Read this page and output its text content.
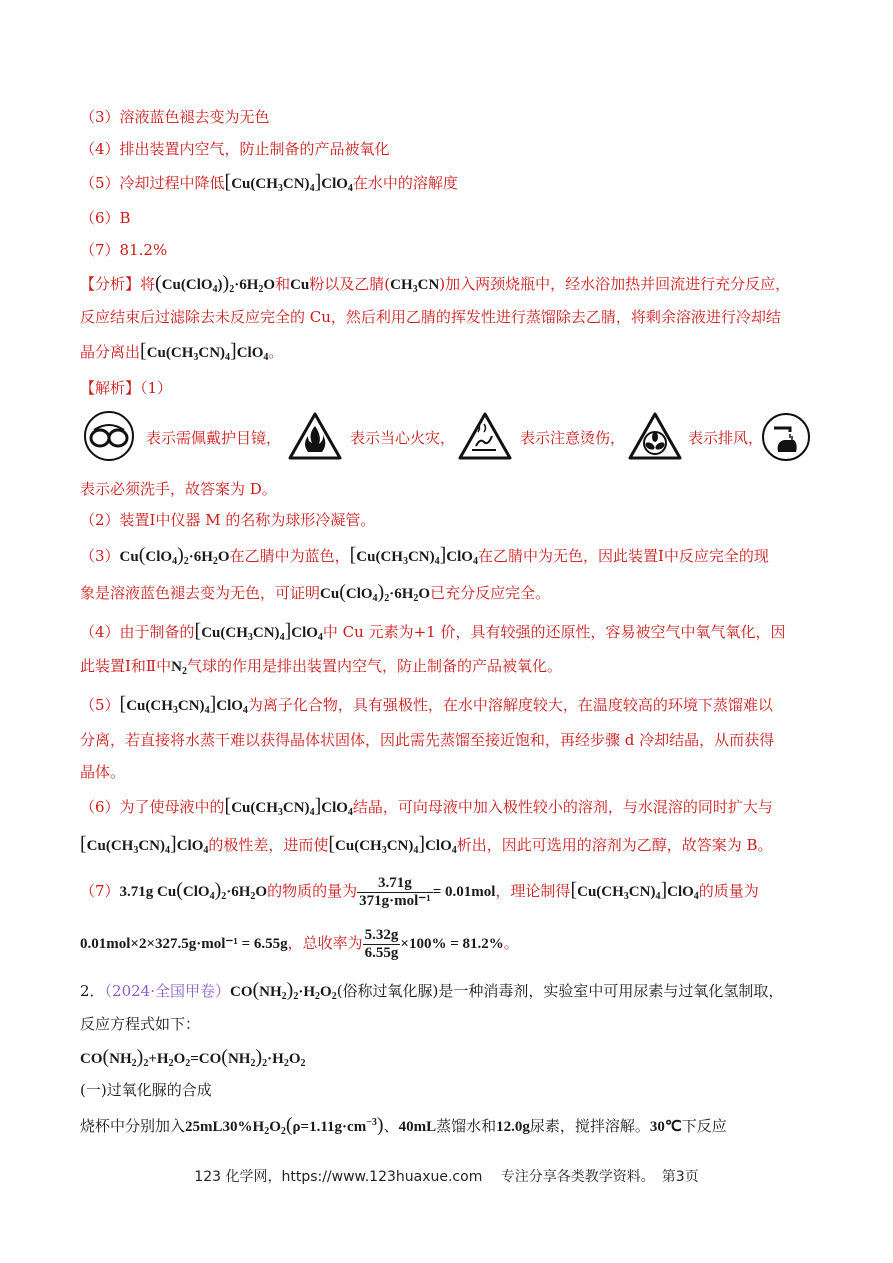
（3）溶液蓝色褪去变为无色
（4）排出装置内空气，防止制备的产品被氧化
（5）冷却过程中降低$[Cu(CH_3CN)_4]ClO_4$在水中的溶解度
（6）B
（7）81.2%
【分析】将$(Cu(ClO_4))_2\cdot 6H_2O$和Cu粉以及乙腈$(CH_3CN)$加入两颈烧瓶中，经水浴加热并回流进行充分反应，
反应结束后过滤除去未反应完全的 Cu，然后利用乙腈的挥发性进行蒸馏除去乙腈，将剩余溶液进行冷却结
晶分离出$[Cu(CH_3CN)_4]ClO_4$。
【解析】（1）
表示需佩戴护目镜，	表示当心火灾，	表示注意烫伤，	表示排风，
表示必须洗手，故答案为 D。
（2）装置Ⅰ中仪器 M 的名称为球形冷凝管。
$(3)Cu(ClO_4)_2\cdot 6H_2O$在乙腈中为蓝色，$[Cu(CH_3CN)_4]ClO_4$在乙腈中为无色，因此装置Ⅰ中反应完全的现
象是溶液蓝色褪去变为无色，可证明$Cu(ClO_4)_2\cdot 6H_2O$已充分反应完全。
（4）由于制备的$[Cu(CH_3CN)_4]ClO_4$中 Cu 元素为+1 价，具有较强的还原性，容易被空气中氧气氧化，因
此装置Ⅰ和Ⅱ中$N_2$气球的作用是排出装置内空气，防止制备的产品被氧化。
$(5)[Cu(CH_3CN)_4]ClO_4$为离子化合物，具有强极性，在水中溶解度较大，在温度较高的环境下蒸馏难以
分离，若直接将水蒸干难以获得晶体状固体，因此需先蒸馏至接近饱和，再经步骤 d 冷却结晶，从而获得
晶体。
（6）为了使母液中的$[Cu(CH_3CN)_4]ClO_4$结晶，可向母液中加入极性较小的溶剂，与水混溶的同时扩大与
$[Cu(CH_3CN)_4]ClO_4$的极性差，进而使$[Cu(CH_3CN)_4]ClO_4$析出，因此可选用的溶剂为乙醇，故答案为 B。
（7）3.71g $Cu(ClO_4)_2\cdot 6H_2O$的物质的量为 $\frac{3.71g}{\text{371g·mol⁻¹}} = 0.01mol$，理论制得$[Cu(CH_3CN)_4]ClO_4$的质量为
0.01mol×2×327.5g·mol⁻¹ = 6.55g，总收率为 $\frac{5.32g}{6.55g} \times 100\% = 81.2\%$。
2．（2024·全国甲卷）$CO(NH_2)_2\cdot H_2O_2$(俗称过氧化脲)是一种消毒剂，实验室中可用尿素与过氧化氢制取，
反应方程式如下：
$CO(NH_2)_2+H_2O_2=CO(NH_2)_2\cdot H_2O_2$
(一)过氧化脲的合成
烧杯中分别加入$25mL30\%H_2O_2(\rho=1.11g\cdot cm^{-3})$、40mL蒸馏水和12.0g尿素，搅拌溶解。30℃下反应
123 化学网，https://www.123huaxue.com　 专注分享各类教学资料。　第3页
